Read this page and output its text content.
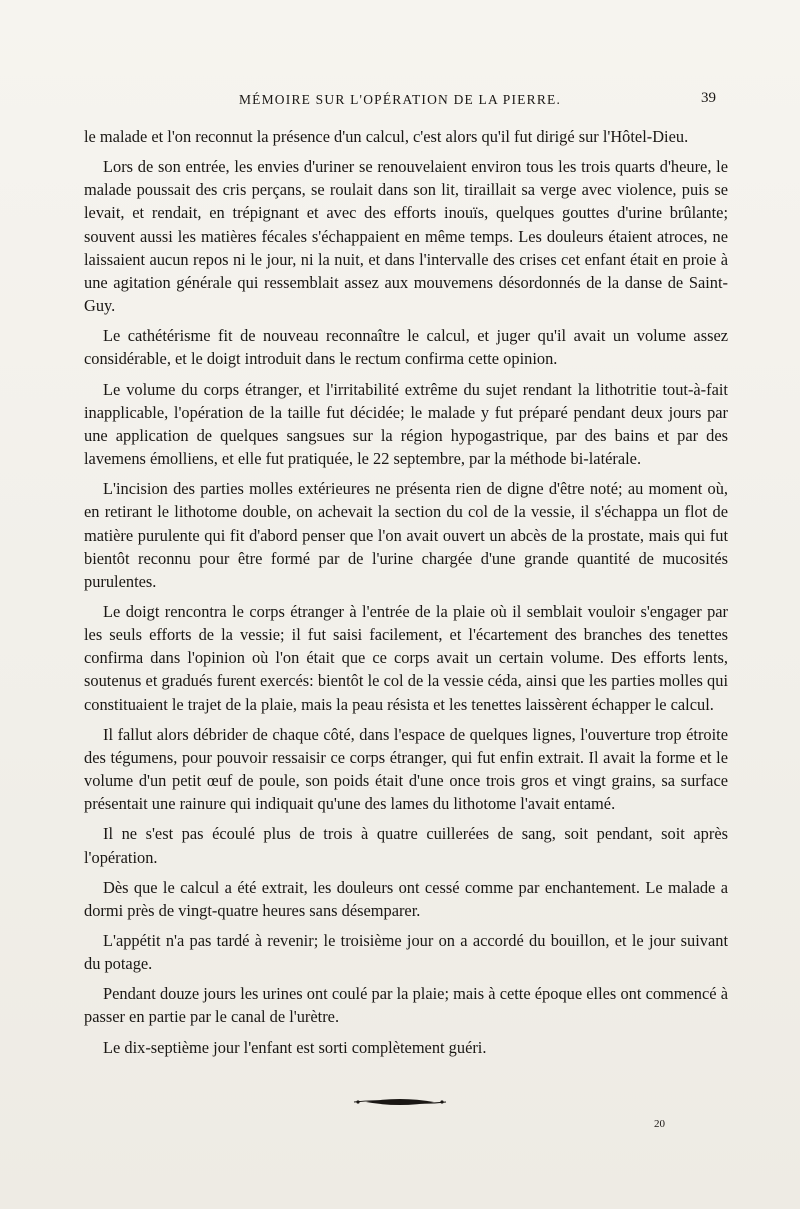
MÉMOIRE SUR L'OPÉRATION DE LA PIERRE.	39

le malade et l'on reconnut la présence d'un calcul, c'est alors qu'il fut dirigé sur l'Hôtel-Dieu.

Lors de son entrée, les envies d'uriner se renouvelaient environ tous les trois quarts d'heure, le malade poussait des cris perçans, se roulait dans son lit, tiraillait sa verge avec violence, puis se levait, et rendait, en trépignant et avec des efforts inouïs, quelques gouttes d'urine brûlante; souvent aussi les matières fécales s'échappaient en même temps. Les douleurs étaient atroces, ne laissaient aucun repos ni le jour, ni la nuit, et dans l'intervalle des crises cet enfant était en proie à une agitation générale qui ressemblait assez aux mouvemens désordonnés de la danse de Saint-Guy.

Le cathétérisme fit de nouveau reconnaître le calcul, et juger qu'il avait un volume assez considérable, et le doigt introduit dans le rectum confirma cette opinion.

Le volume du corps étranger, et l'irritabilité extrême du sujet rendant la lithotritie tout-à-fait inapplicable, l'opération de la taille fut décidée; le malade y fut préparé pendant deux jours par une application de quelques sangsues sur la région hypogastrique, par des bains et par des lavemens émolliens, et elle fut pratiquée, le 22 septembre, par la méthode bi-latérale.

L'incision des parties molles extérieures ne présenta rien de digne d'être noté; au moment où, en retirant le lithotome double, on achevait la section du col de la vessie, il s'échappa un flot de matière purulente qui fit d'abord penser que l'on avait ouvert un abcès de la prostate, mais qui fut bientôt reconnu pour être formé par de l'urine chargée d'une grande quantité de mucosités purulentes.

Le doigt rencontra le corps étranger à l'entrée de la plaie où il semblait vouloir s'engager par les seuls efforts de la vessie; il fut saisi facilement, et l'écartement des branches des tenettes confirma dans l'opinion où l'on était que ce corps avait un certain volume. Des efforts lents, soutenus et gradués furent exercés: bientôt le col de la vessie céda, ainsi que les parties molles qui constituaient le trajet de la plaie, mais la peau résista et les tenettes laissèrent échapper le calcul.

Il fallut alors débrider de chaque côté, dans l'espace de quelques lignes, l'ouverture trop étroite des tégumens, pour pouvoir ressaisir ce corps étranger, qui fut enfin extrait. Il avait la forme et le volume d'un petit œuf de poule, son poids était d'une once trois gros et vingt grains, sa surface présentait une rainure qui indiquait qu'une des lames du lithotome l'avait entamé.

Il ne s'est pas écoulé plus de trois à quatre cuillerées de sang, soit pendant, soit après l'opération.

Dès que le calcul a été extrait, les douleurs ont cessé comme par enchantement. Le malade a dormi près de vingt-quatre heures sans désemparer.

L'appétit n'a pas tardé à revenir; le troisième jour on a accordé du bouillon, et le jour suivant du potage.

Pendant douze jours les urines ont coulé par la plaie; mais à cette époque elles ont commencé à passer en partie par le canal de l'urètre.

Le dix-septième jour l'enfant est sorti complètement guéri.

20
